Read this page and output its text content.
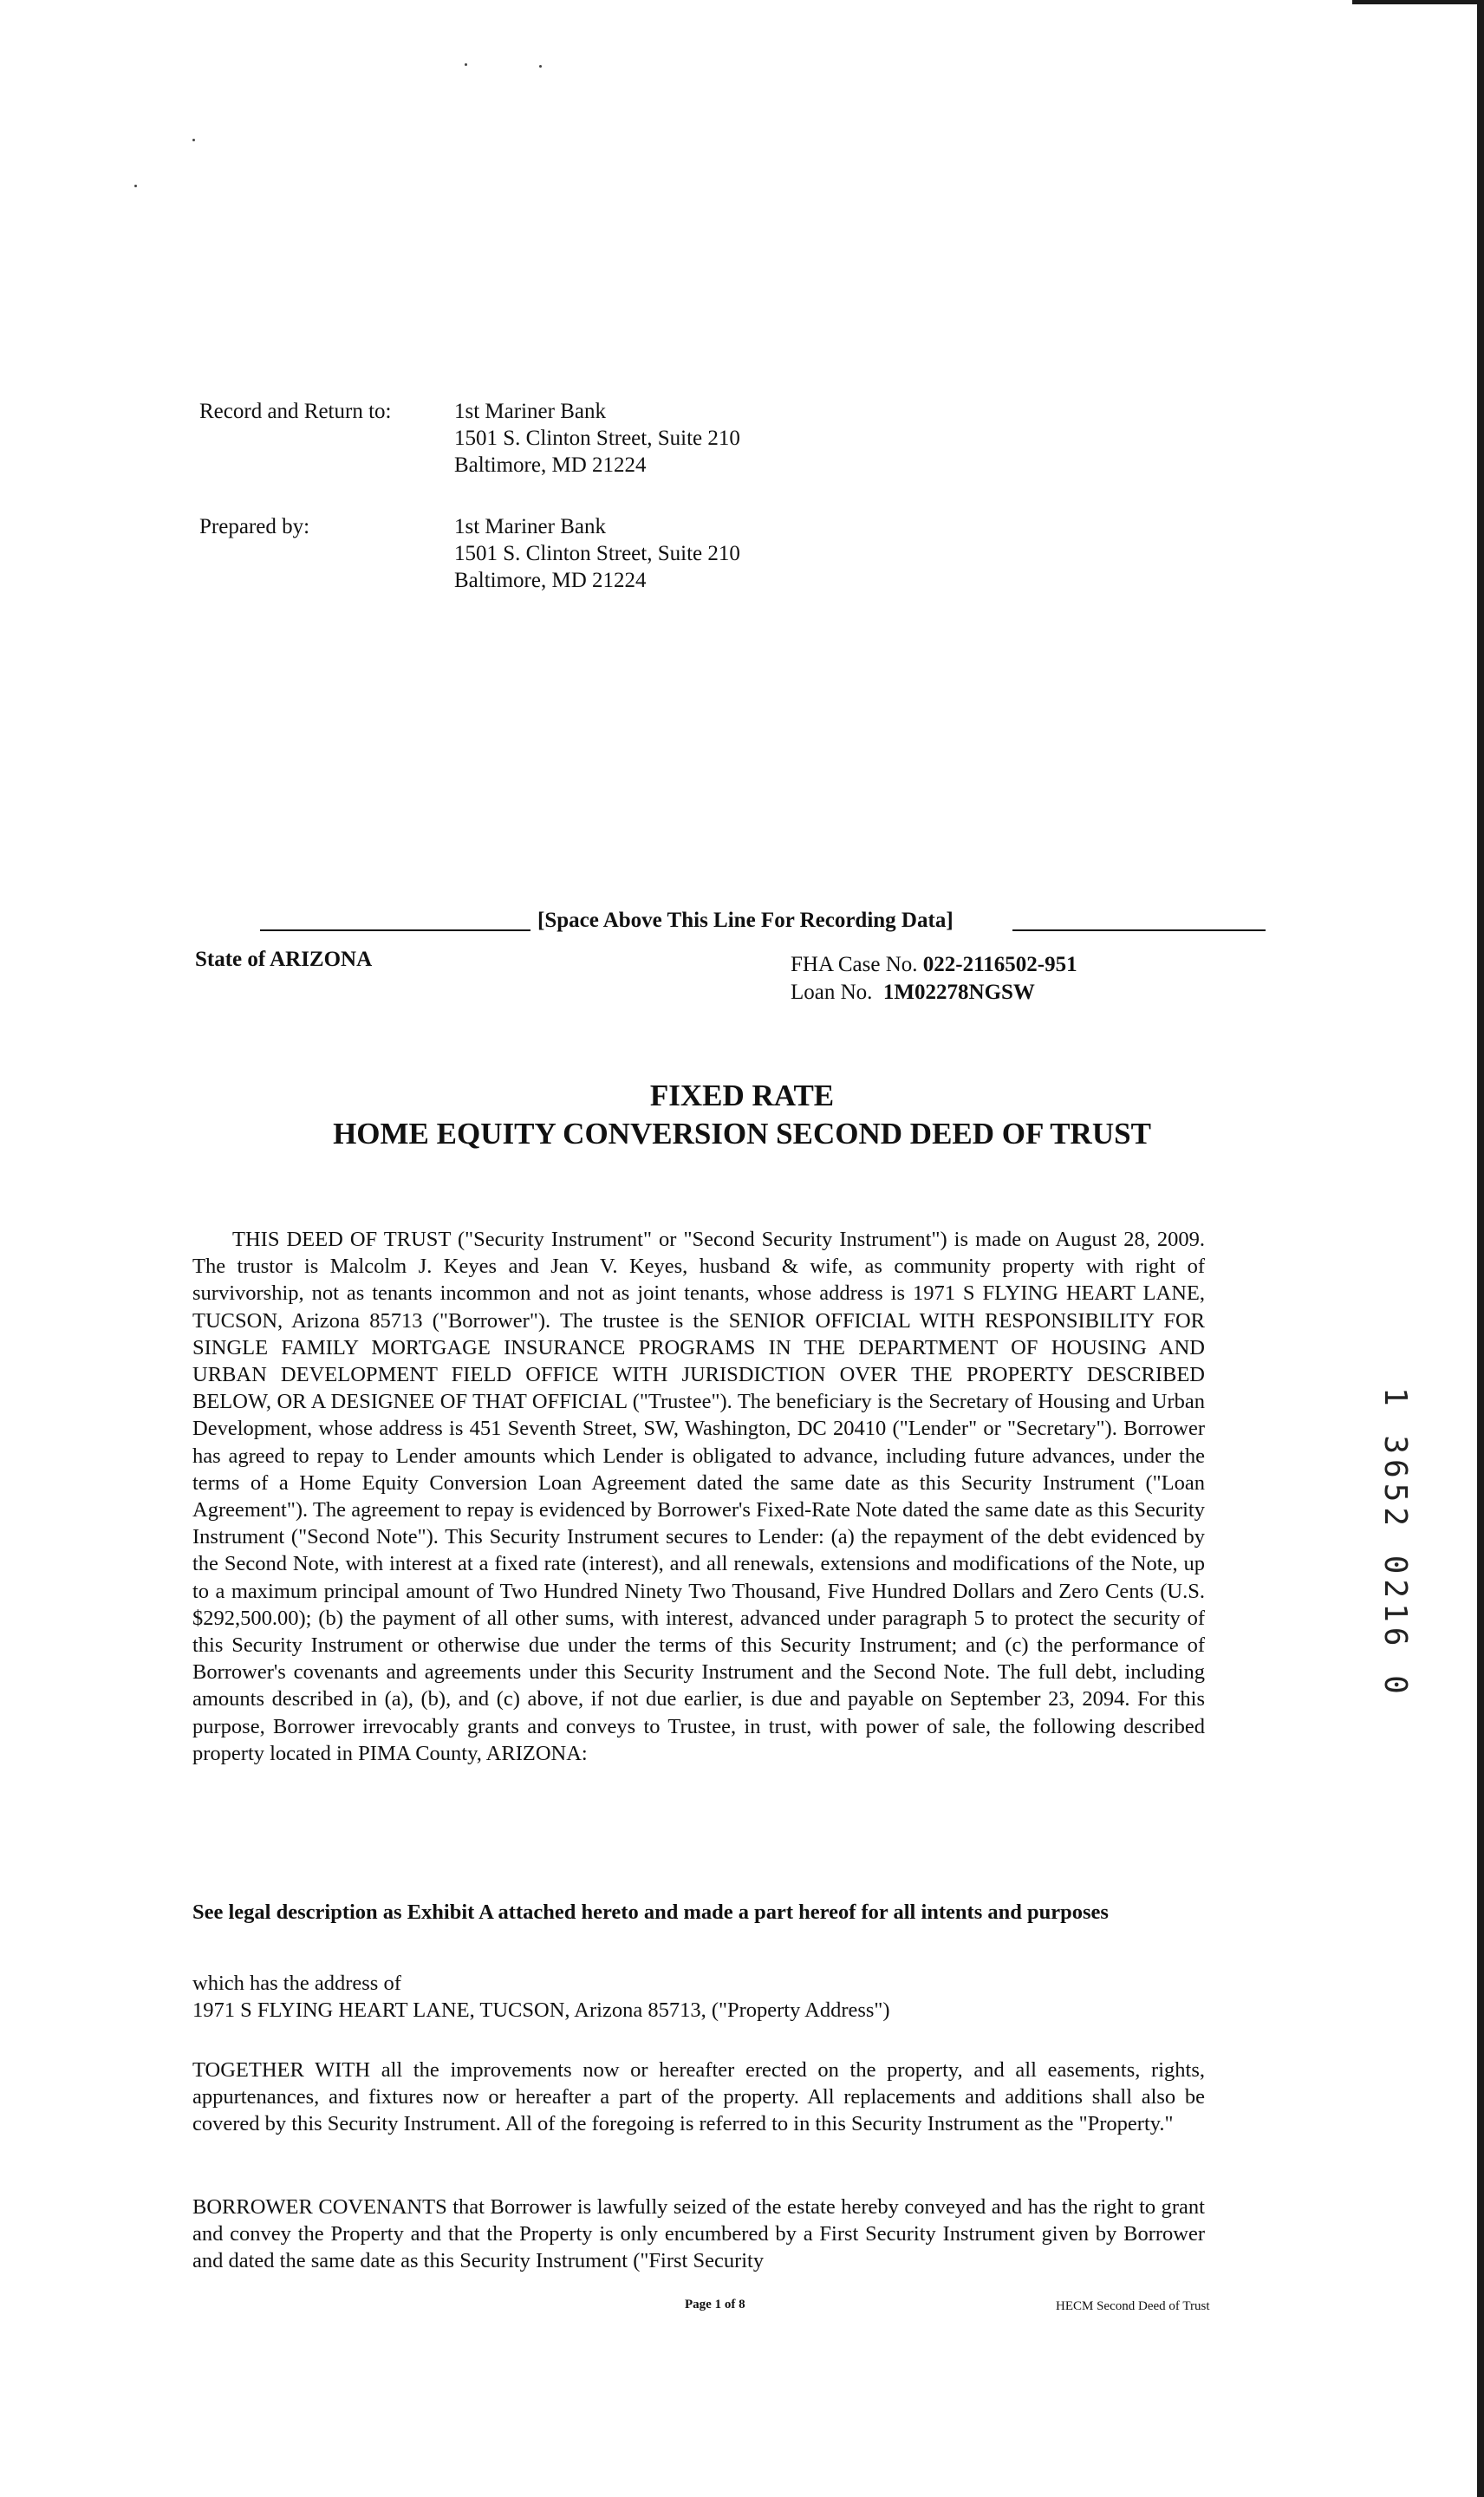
Record and Return to:	1st Mariner Bank
1501 S. Clinton Street, Suite 210
Baltimore, MD 21224
Prepared by:	1st Mariner Bank
1501 S. Clinton Street, Suite 210
Baltimore, MD 21224
[Space Above This Line For Recording Data]
State of ARIZONA	FHA Case No. 022-2116502-951
Loan No. 1M02278NGSW
FIXED RATE
HOME EQUITY CONVERSION SECOND DEED OF TRUST
THIS DEED OF TRUST ("Security Instrument" or "Second Security Instrument") is made on August 28, 2009. The trustor is Malcolm J. Keyes and Jean V. Keyes, husband & wife, as community property with right of survivorship, not as tenants incommon and not as joint tenants, whose address is 1971 S FLYING HEART LANE, TUCSON, Arizona 85713 ("Borrower"). The trustee is the SENIOR OFFICIAL WITH RESPONSIBILITY FOR SINGLE FAMILY MORTGAGE INSURANCE PROGRAMS IN THE DEPARTMENT OF HOUSING AND URBAN DEVELOPMENT FIELD OFFICE WITH JURISDICTION OVER THE PROPERTY DESCRIBED BELOW, OR A DESIGNEE OF THAT OFFICIAL ("Trustee"). The beneficiary is the Secretary of Housing and Urban Development, whose address is 451 Seventh Street, SW, Washington, DC 20410 ("Lender" or "Secretary"). Borrower has agreed to repay to Lender amounts which Lender is obligated to advance, including future advances, under the terms of a Home Equity Conversion Loan Agreement dated the same date as this Security Instrument ("Loan Agreement"). The agreement to repay is evidenced by Borrower's Fixed-Rate Note dated the same date as this Security Instrument ("Second Note"). This Security Instrument secures to Lender: (a) the repayment of the debt evidenced by the Second Note, with interest at a fixed rate (interest), and all renewals, extensions and modifications of the Note, up to a maximum principal amount of Two Hundred Ninety Two Thousand, Five Hundred Dollars and Zero Cents (U.S. $292,500.00); (b) the payment of all other sums, with interest, advanced under paragraph 5 to protect the security of this Security Instrument or otherwise due under the terms of this Security Instrument; and (c) the performance of Borrower's covenants and agreements under this Security Instrument and the Second Note. The full debt, including amounts described in (a), (b), and (c) above, if not due earlier, is due and payable on September 23, 2094. For this purpose, Borrower irrevocably grants and conveys to Trustee, in trust, with power of sale, the following described property located in PIMA County, ARIZONA:
See legal description as Exhibit A attached hereto and made a part hereof for all intents and purposes
which has the address of
1971 S FLYING HEART LANE, TUCSON, Arizona 85713, ("Property Address")
TOGETHER WITH all the improvements now or hereafter erected on the property, and all easements, rights, appurtenances, and fixtures now or hereafter a part of the property. All replacements and additions shall also be covered by this Security Instrument. All of the foregoing is referred to in this Security Instrument as the "Property."
BORROWER COVENANTS that Borrower is lawfully seized of the estate hereby conveyed and has the right to grant and convey the Property and that the Property is only encumbered by a First Security Instrument given by Borrower and dated the same date as this Security Instrument ("First Security
Page 1 of 8	HECM Second Deed of Trust
1 3652 0216 0
